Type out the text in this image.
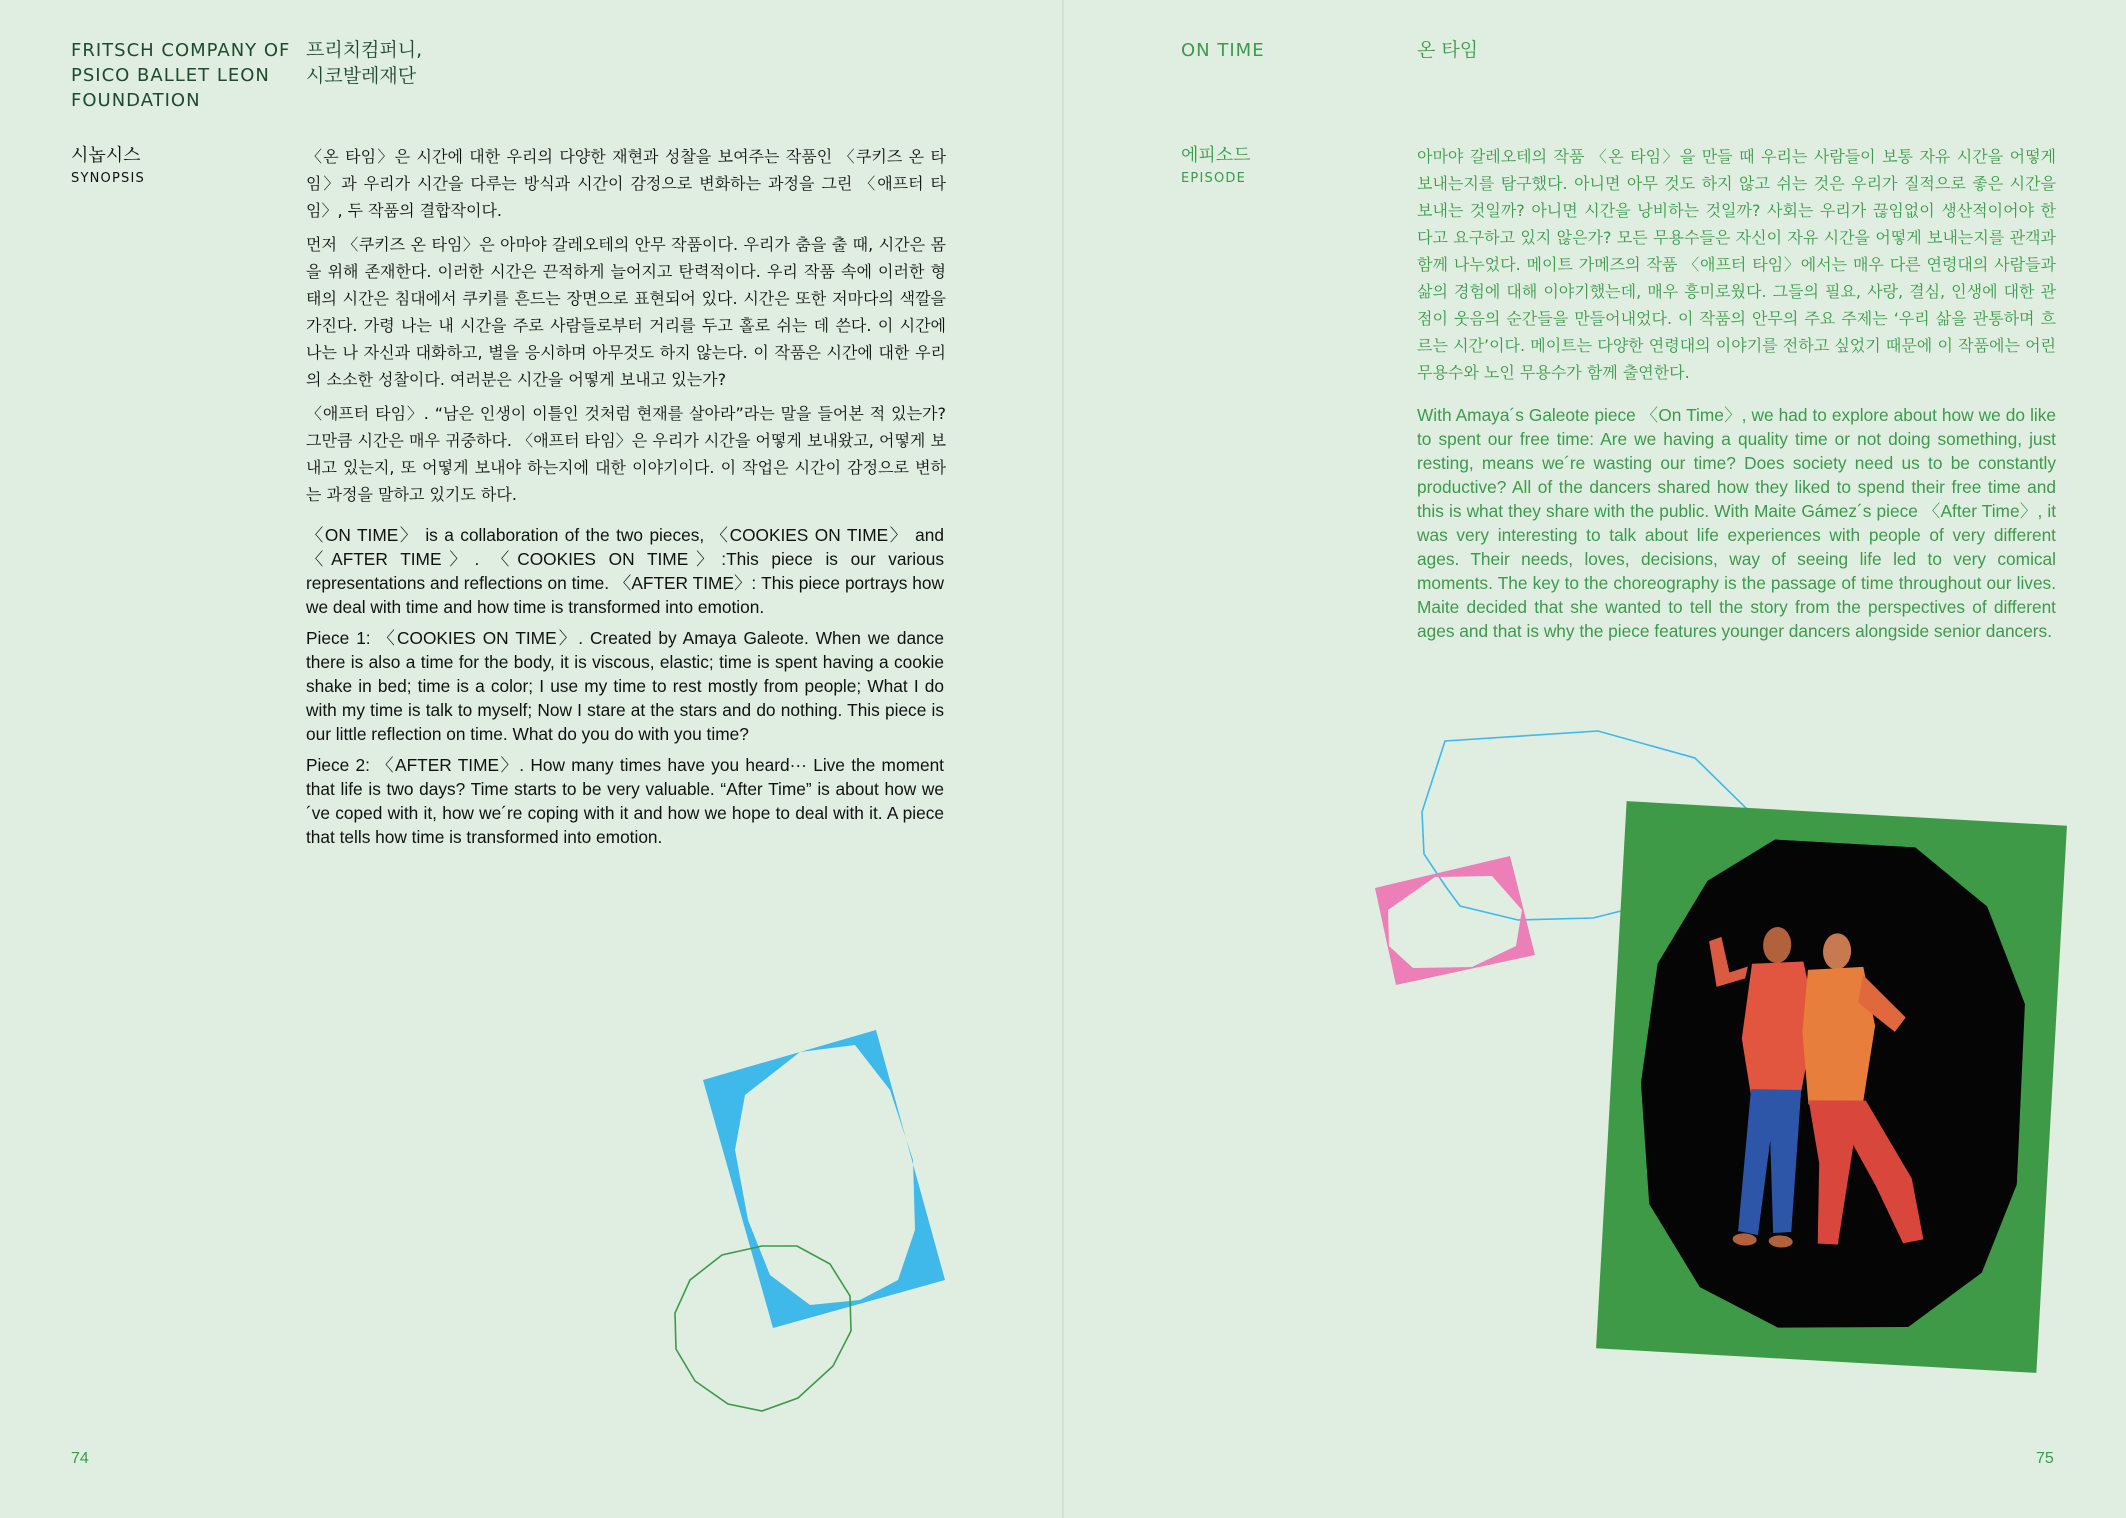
FRITSCH COMPANY OF
PSICO BALLET LEON
FOUNDATION
프리치컴퍼니,
시코발레재단
시놉시스
SYNOPSIS

〈온 타임〉은 시간에 대한 우리의 다양한 재현과 성찰을 보여주는 작품인 〈쿠키즈 온 타임〉과 우리가 시간을 다루는 방식과 시간이 감정으로 변화하는 과정을 그린 〈애프터 타임〉, 두 작품의 결합작이다.

먼저 〈쿠키즈 온 타임〉은 아마야 갈레오테의 안무 작품이다. 우리가 춤을 출 때, 시간은 몸을 위해 존재한다. 이러한 시간은 끈적하게 늘어지고 탄력적이다. 우리 작품 속에 이러한 형태의 시간은 침대에서 쿠키를 흔드는 장면으로 표현되어 있다. 시간은 또한 저마다의 색깔을 가진다. 가령 나는 내 시간을 주로 사람들로부터 거리를 두고 홀로 쉬는 데 쓴다. 이 시간에 나는 나 자신과 대화하고, 별을 응시하며 아무것도 하지 않는다. 이 작품은 시간에 대한 우리의 소소한 성찰이다. 여러분은 시간을 어떻게 보내고 있는가?

〈애프터 타임〉. “남은 인생이 이틀인 것처럼 현재를 살아라”라는 말을 들어본 적 있는가? 그만큼 시간은 매우 귀중하다. 〈애프터 타임〉은 우리가 시간을 어떻게 보내왔고, 어떻게 보내고 있는지, 또 어떻게 보내야 하는지에 대한 이야기이다. 이 작업은 시간이 감정으로 변하는 과정을 말하고 있기도 하다.

〈ON TIME〉 is a collaboration of the two pieces, 〈COOKIES ON TIME〉 and 〈AFTER TIME〉. 〈COOKIES ON TIME〉:This piece is our various representations and reflections on time. 〈AFTER TIME〉: This piece portrays how we deal with time and how time is transformed into emotion.

Piece 1: 〈COOKIES ON TIME〉. Created by Amaya Galeote. When we dance there is also a time for the body, it is viscous, elastic; time is spent having a cookie shake in bed; time is a color; I use my time to rest mostly from people; What I do with my time is talk to myself; Now I stare at the stars and do nothing. This piece is our little reflection on time. What do you do with you time?

Piece 2: 〈AFTER TIME〉. How many times have you heard··· Live the moment that life is two days? Time starts to be very valuable. “After Time” is about how we´ve coped with it, how we´re coping with it and how we hope to deal with it. A piece that tells how time is transformed into emotion.

74
ON TIME	온 타임
에피소드
EPISODE

아마야 갈레오테의 작품 〈온 타임〉을 만들 때 우리는 사람들이 보통 자유 시간을 어떻게 보내는지를 탐구했다. 아니면 아무 것도 하지 않고 쉬는 것은 우리가 질적으로 좋은 시간을 보내는 것일까? 아니면 시간을 낭비하는 것일까? 사회는 우리가 끊임없이 생산적이어야 한다고 요구하고 있지 않은가? 모든 무용수들은 자신이 자유 시간을 어떻게 보내는지를 관객과 함께 나누었다. 메이트 가메즈의 작품 〈애프터 타임〉에서는 매우 다른 연령대의 사람들과 삶의 경험에 대해 이야기했는데, 매우 흥미로웠다. 그들의 필요, 사랑, 결심, 인생에 대한 관점이 웃음의 순간들을 만들어내었다. 이 작품의 안무의 주요 주제는 ‘우리 삶을 관통하며 흐르는 시간’이다. 메이트는 다양한 연령대의 이야기를 전하고 싶었기 때문에 이 작품에는 어린 무용수와 노인 무용수가 함께 출연한다.

With Amaya´s Galeote piece 〈On Time〉, we had to explore about how we do like to spent our free time: Are we having a quality time or not doing something, just resting, means we´re wasting our time? Does society need us to be constantly productive? All of the dancers shared how they liked to spend their free time and this is what they share with the public. With Maite Gámez´s piece 〈After Time〉, it was very interesting to talk about life experiences with people of very different ages. Their needs, loves, decisions, way of seeing life led to very comical moments. The key to the choreography is the passage of time throughout our lives. Maite decided that she wanted to tell the story from the perspectives of different ages and that is why the piece features younger dancers alongside senior dancers.

75
